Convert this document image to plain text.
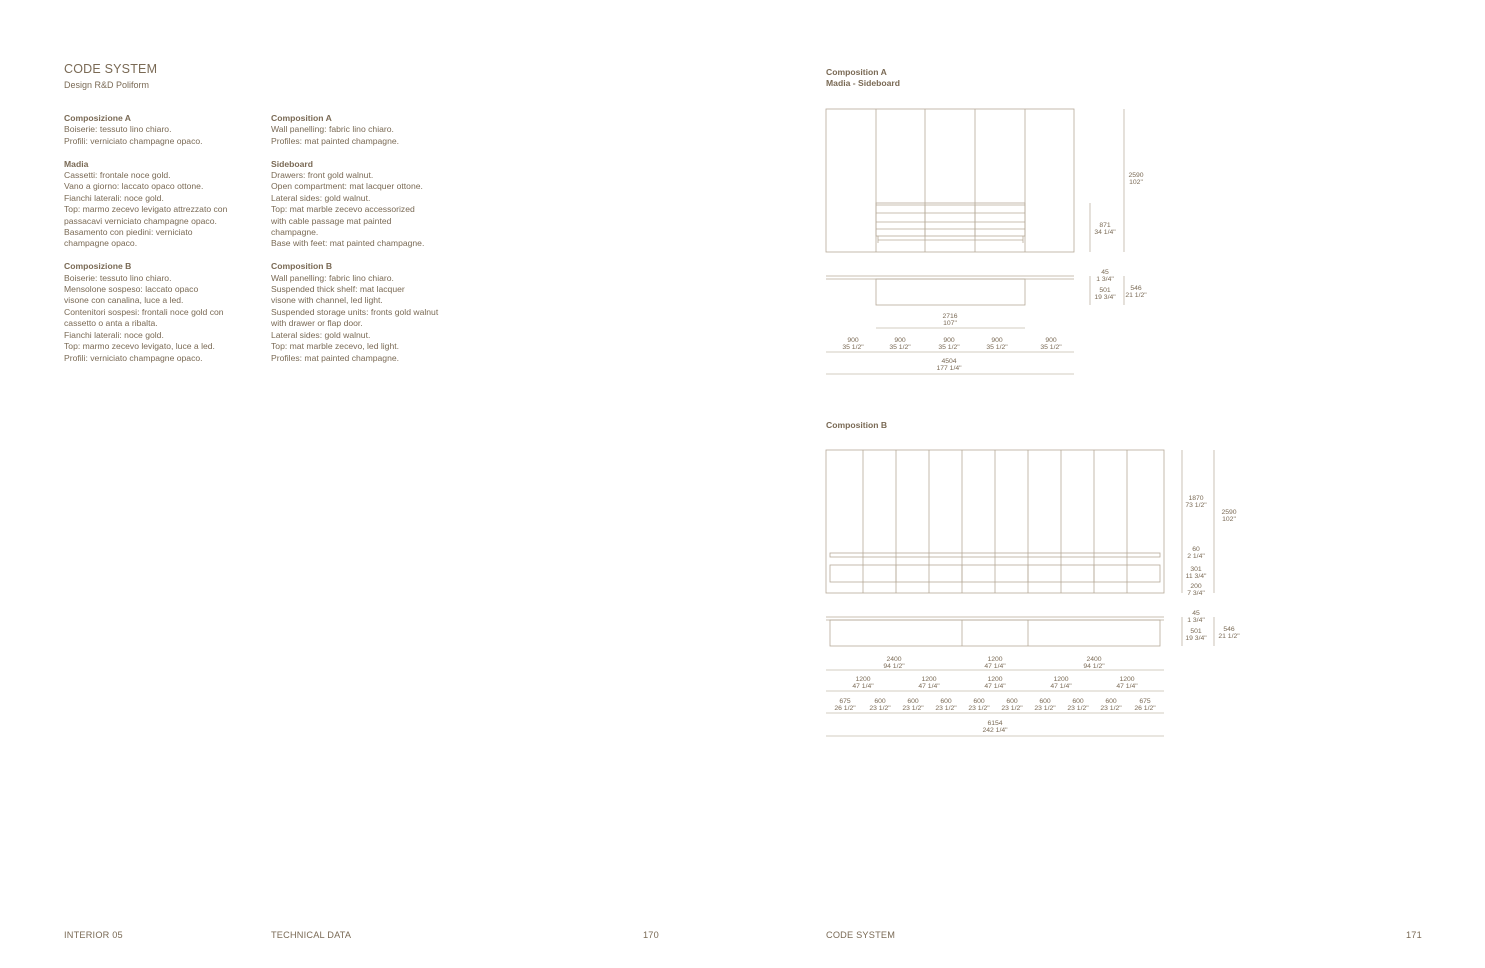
CODE SYSTEM
Design R&D Poliform
Composizione A
Boiserie: tessuto lino chiaro.
Profili: verniciato champagne opaco.
Madia
Cassetti: frontale noce gold.
Vano a giorno: laccato opaco ottone.
Fianchi laterali: noce gold.
Top: marmo zecevo levigato attrezzato con
passacavi verniciato champagne opaco.
Basamento con piedini: verniciato
champagne opaco.
Composizione B
Boiserie: tessuto lino chiaro.
Mensolone sospeso: laccato opaco
visone con canalina, luce a led.
Contenitori sospesi: frontali noce gold con
cassetto o anta a ribalta.
Fianchi laterali: noce gold.
Top: marmo zecevo levigato, luce a led.
Profili: verniciato champagne opaco.
Composition A
Wall panelling: fabric lino chiaro.
Profiles: mat painted champagne.
Sideboard
Drawers: front gold walnut.
Open compartment: mat lacquer ottone.
Lateral sides: gold walnut.
Top: mat marble zecevo accessorized
with cable passage mat painted
champagne.
Base with feet: mat painted champagne.
Composition B
Wall panelling: fabric lino chiaro.
Suspended thick shelf: mat lacquer
visone with channel, led light.
Suspended storage units: fronts gold walnut
with drawer or flap door.
Lateral sides: gold walnut.
Top: mat marble zecevo, led light.
Profiles: mat painted champagne.
Composition A
Madia - Sideboard
Composition B
2590
102"
871
34 1/4"
45
1 3/4"
501
19 3/4"
546
21 1/2"
2716
107"
900
35 1/2"
900
35 1/2"
900
35 1/2"
900
35 1/2"
900
35 1/2"
4504
177 1/4"
1870
73 1/2"
2590
102"
60
2 1/4"
301
11 3/4"
200
7 3/4"
45
1 3/4"
501
19 3/4"
546
21 1/2"
2400
94 1/2"
1200
47 1/4"
2400
94 1/2"
1200
47 1/4"
1200
47 1/4"
1200
47 1/4"
1200
47 1/4"
1200
47 1/4"
675
26 1/2"
600
23 1/2"
600
23 1/2"
600
23 1/2"
600
23 1/2"
600
23 1/2"
600
23 1/2"
600
23 1/2"
600
23 1/2"
675
26 1/2"
6154
242 1/4"
INTERIOR 05	TECHNICAL DATA	170	CODE SYSTEM	171
